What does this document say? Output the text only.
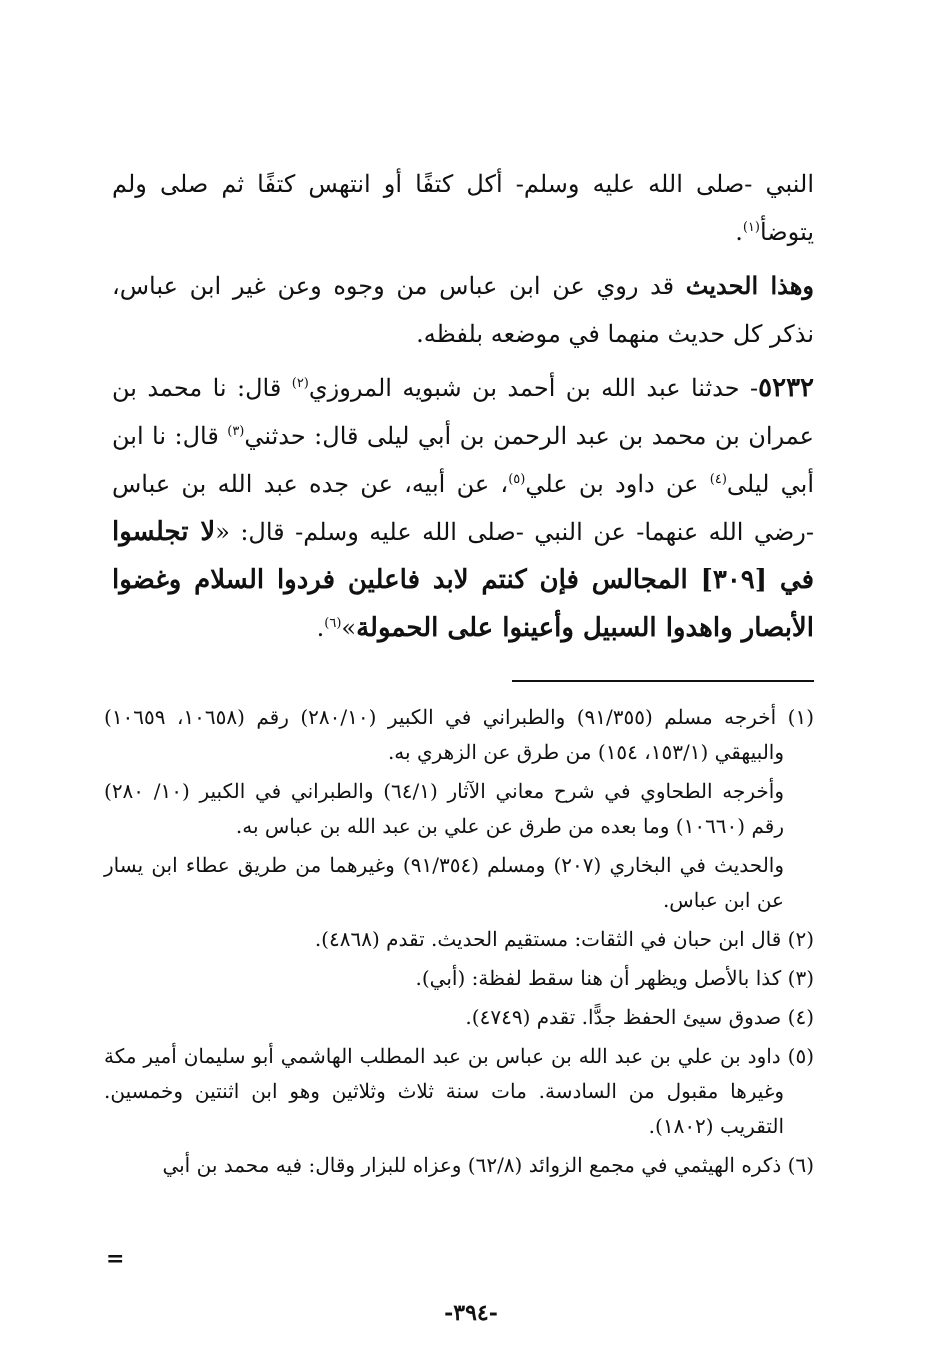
النبي -صلى الله عليه وسلم- أكل كتفًا أو انتهس كتفًا ثم صلى ولم يتوضأ$^{(١)}$.

وهذا الحديث قد روي عن ابن عباس من وجوه وعن غير ابن عباس، نذكر كل حديث منهما في موضعه بلفظه.

٥٢٣٢- حدثنا عبد الله بن أحمد بن شبويه المروزي$^{(٢)}$ قال: نا محمد بن عمران بن محمد بن عبد الرحمن بن أبي ليلى قال: حدثني$^{(٣)}$ قال: نا ابن أبي ليلى$^{(٤)}$ عن داود بن علي$^{(٥)}$، عن أبيه، عن جده عبد الله بن عباس -رضي الله عنهما- عن النبي -صلى الله عليه وسلم- قال: «لا تجلسوا في [٣٠٩] المجالس فإن كنتم لابد فاعلين فردوا السلام وغضوا الأبصار واهدوا السبيل وأعينوا على الحمولة»$^{(٦)}$.

(١) أخرجه مسلم (٩١/٣٥٥) والطبراني في الكبير (٢٨٠/١٠) رقم (١٠٦٥٨، ١٠٦٥٩) والبيهقي (١٥٣/١، ١٥٤) من طرق عن الزهري به.

وأخرجه الطحاوي في شرح معاني الآثار (٦٤/١) والطبراني في الكبير (١٠/ ٢٨٠) رقم (١٠٦٦٠) وما بعده من طرق عن علي بن عبد الله بن عباس به.

والحديث في البخاري (٢٠٧) ومسلم (٩١/٣٥٤) وغيرهما من طريق عطاء ابن يسار عن ابن عباس.

(٢) قال ابن حبان في الثقات: مستقيم الحديث. تقدم (٤٨٦٨).

(٣) كذا بالأصل ويظهر أن هنا سقط لفظة: (أبي).

(٤) صدوق سيئ الحفظ جدًّا. تقدم (٤٧٤٩).

(٥) داود بن علي بن عبد الله بن عباس بن عبد المطلب الهاشمي أبو سليمان أمير مكة وغيرها مقبول من السادسة. مات سنة ثلاث وثلاثين وهو ابن اثنتين وخمسين. التقريب (١٨٠٢).

(٦) ذكره الهيثمي في مجمع الزوائد (٦٢/٨) وعزاه للبزار وقال: فيه محمد بن أبي

=
-٣٩٤-
